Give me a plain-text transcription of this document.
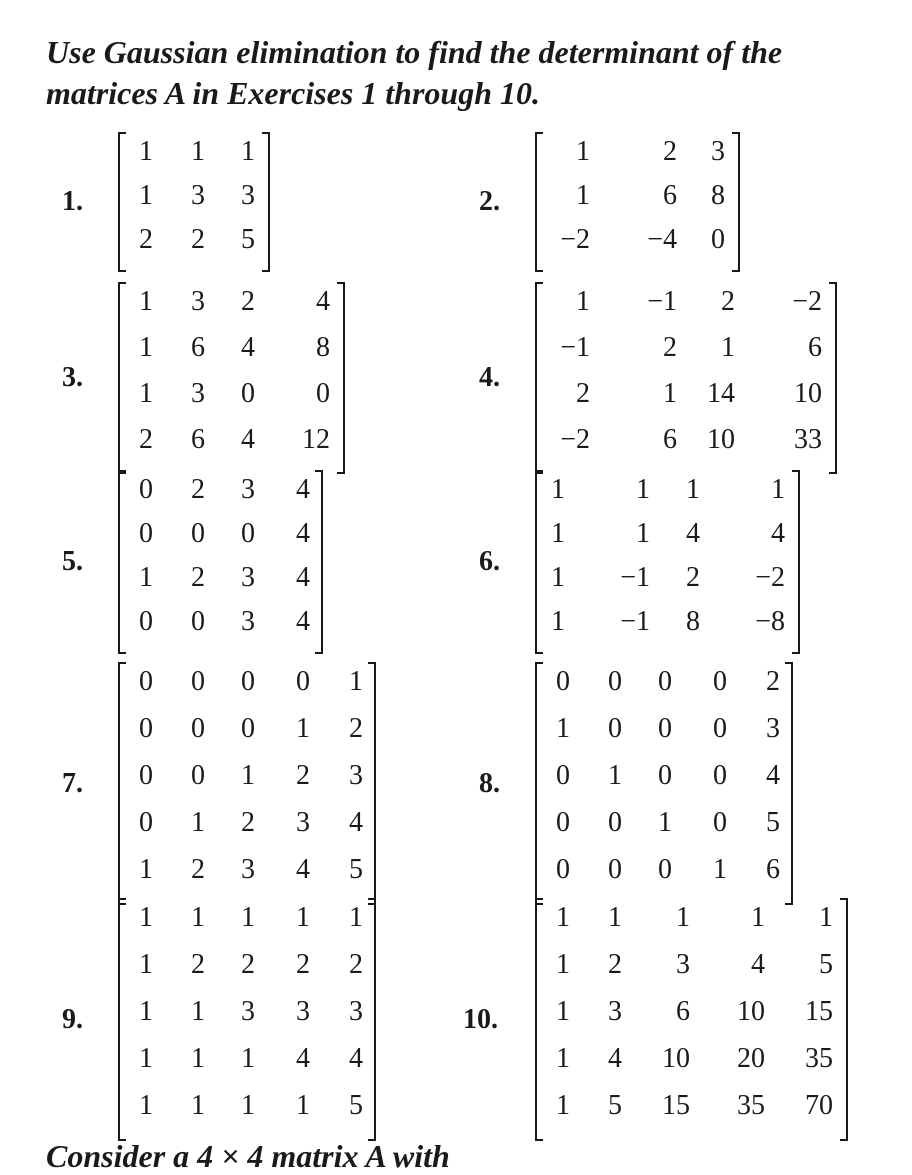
Use Gaussian elimination to find the determinant of the matrices A in Exercises 1 through 10.

1.
1 1 1
1 3 3
2 2 5
2.
1	2 3
1	6 8
−2 −4 0
3.
1 3 2 4
1 6 4 8
1 3 0 0
2 6 4 12
4.
1 −1 2 −2
−1	2 1	6
2	1 14 10
−2	6 10 33
5.
0 2 3 4
0 0 0 4
1 2 3 4
0 0 3 4
6.
1	1 1	1
1	1 4	4
1 −1 2 −2
1 −1 8 −8
7.
0 0 0 0 1
0 0 0 1 2
0 0 1 2 3
0 1 2 3 4
1 2 3 4 5
8.
0 0 0 0 2
1 0 0 0 3
0 1 0 0 4
0 0 1 0 5
0 0 0 1 6
9.
1 1 1 1 1
1 2 2 2 2
1 1 3 3 3
1 1 1 4 4
1 1 1 1 5
10.
1 1 1 1 1
1 2 3 4 5
1 3 6 10 15
1 4 10 20 35
1 5 15 35 70
Consider a 4 × 4 matrix A with
